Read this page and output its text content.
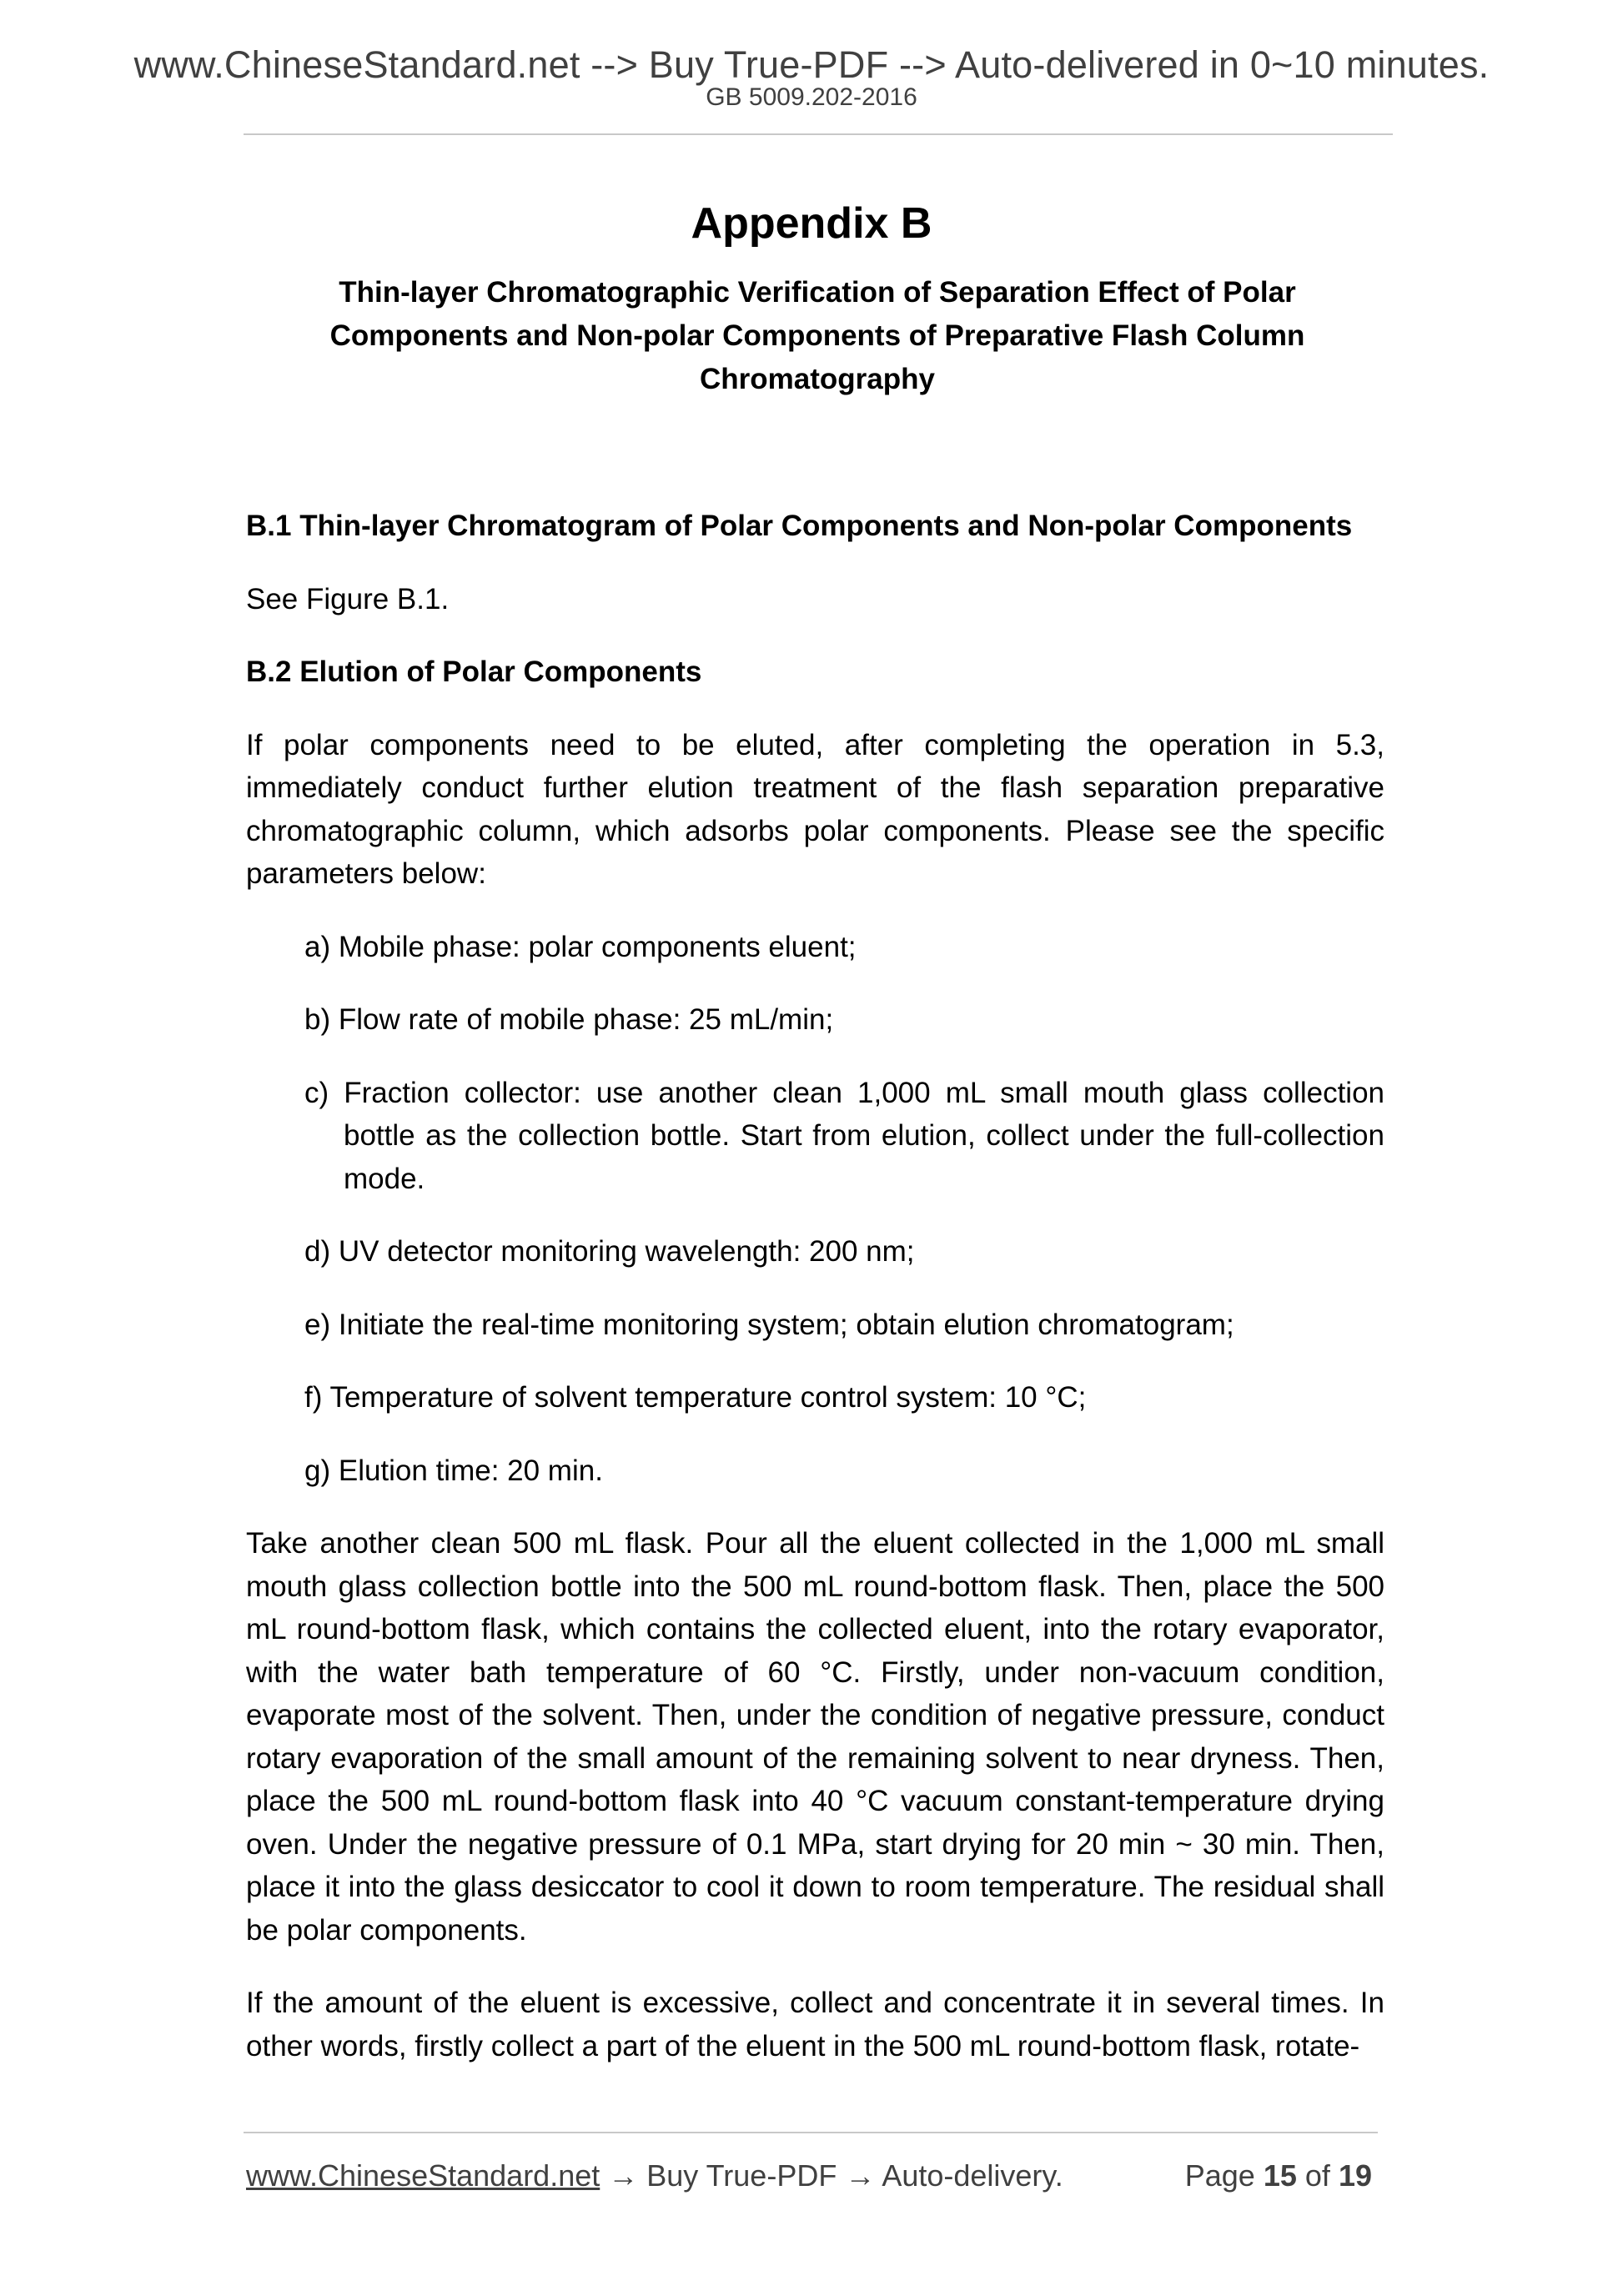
www.ChineseStandard.net --> Buy True-PDF --> Auto-delivered in 0~10 minutes.
GB 5009.202-2016
Appendix B
Thin-layer Chromatographic Verification of Separation Effect of Polar Components and Non-polar Components of Preparative Flash Column Chromatography

B.1 Thin-layer Chromatogram of Polar Components and Non-polar Components

See Figure B.1.

B.2 Elution of Polar Components

If polar components need to be eluted, after completing the operation in 5.3, immediately conduct further elution treatment of the flash separation preparative chromatographic column, which adsorbs polar components. Please see the specific parameters below:

a) Mobile phase: polar components eluent;

b) Flow rate of mobile phase: 25 mL/min;

c) Fraction collector: use another clean 1,000 mL small mouth glass collection bottle as the collection bottle. Start from elution, collect under the full-collection mode.

d) UV detector monitoring wavelength: 200 nm;

e) Initiate the real-time monitoring system; obtain elution chromatogram;

f) Temperature of solvent temperature control system: 10 °C;

g) Elution time: 20 min.

Take another clean 500 mL flask. Pour all the eluent collected in the 1,000 mL small mouth glass collection bottle into the 500 mL round-bottom flask. Then, place the 500 mL round-bottom flask, which contains the collected eluent, into the rotary evaporator, with the water bath temperature of 60 °C. Firstly, under non-vacuum condition, evaporate most of the solvent. Then, under the condition of negative pressure, conduct rotary evaporation of the small amount of the remaining solvent to near dryness. Then, place the 500 mL round-bottom flask into 40 °C vacuum constant-temperature drying oven. Under the negative pressure of 0.1 MPa, start drying for 20 min ~ 30 min. Then, place it into the glass desiccator to cool it down to room temperature. The residual shall be polar components.

If the amount of the eluent is excessive, collect and concentrate it in several times. In other words, firstly collect a part of the eluent in the 500 mL round-bottom flask, rotate-

www.ChineseStandard.net → Buy True-PDF → Auto-delivery.	Page 15 of 19
